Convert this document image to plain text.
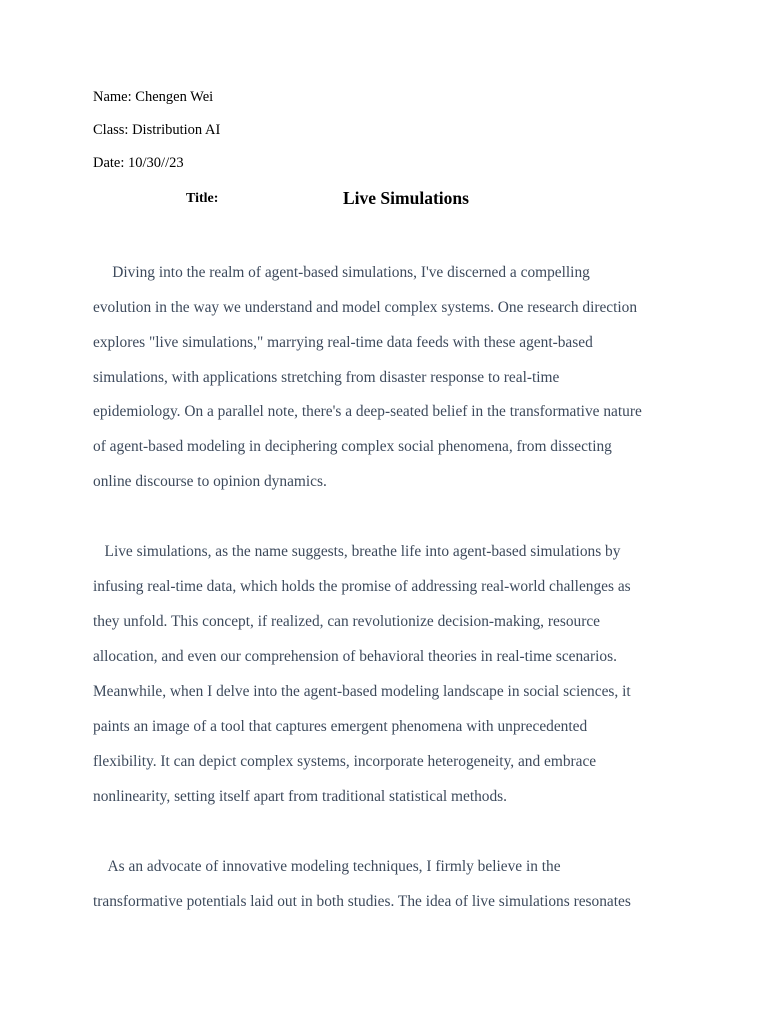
Name: Chengen Wei
Class: Distribution AI
Date: 10/30//23
Title:	Live Simulations
Diving into the realm of agent-based simulations, I've discerned a compelling
evolution in the way we understand and model complex systems. One research direction
explores "live simulations," marrying real-time data feeds with these agent-based
simulations, with applications stretching from disaster response to real-time
epidemiology. On a parallel note, there's a deep-seated belief in the transformative nature
of agent-based modeling in deciphering complex social phenomena, from dissecting
online discourse to opinion dynamics.
Live simulations, as the name suggests, breathe life into agent-based simulations by
infusing real-time data, which holds the promise of addressing real-world challenges as
they unfold. This concept, if realized, can revolutionize decision-making, resource
allocation, and even our comprehension of behavioral theories in real-time scenarios.
Meanwhile, when I delve into the agent-based modeling landscape in social sciences, it
paints an image of a tool that captures emergent phenomena with unprecedented
flexibility. It can depict complex systems, incorporate heterogeneity, and embrace
nonlinearity, setting itself apart from traditional statistical methods.
As an advocate of innovative modeling techniques, I firmly believe in the
transformative potentials laid out in both studies. The idea of live simulations resonates
